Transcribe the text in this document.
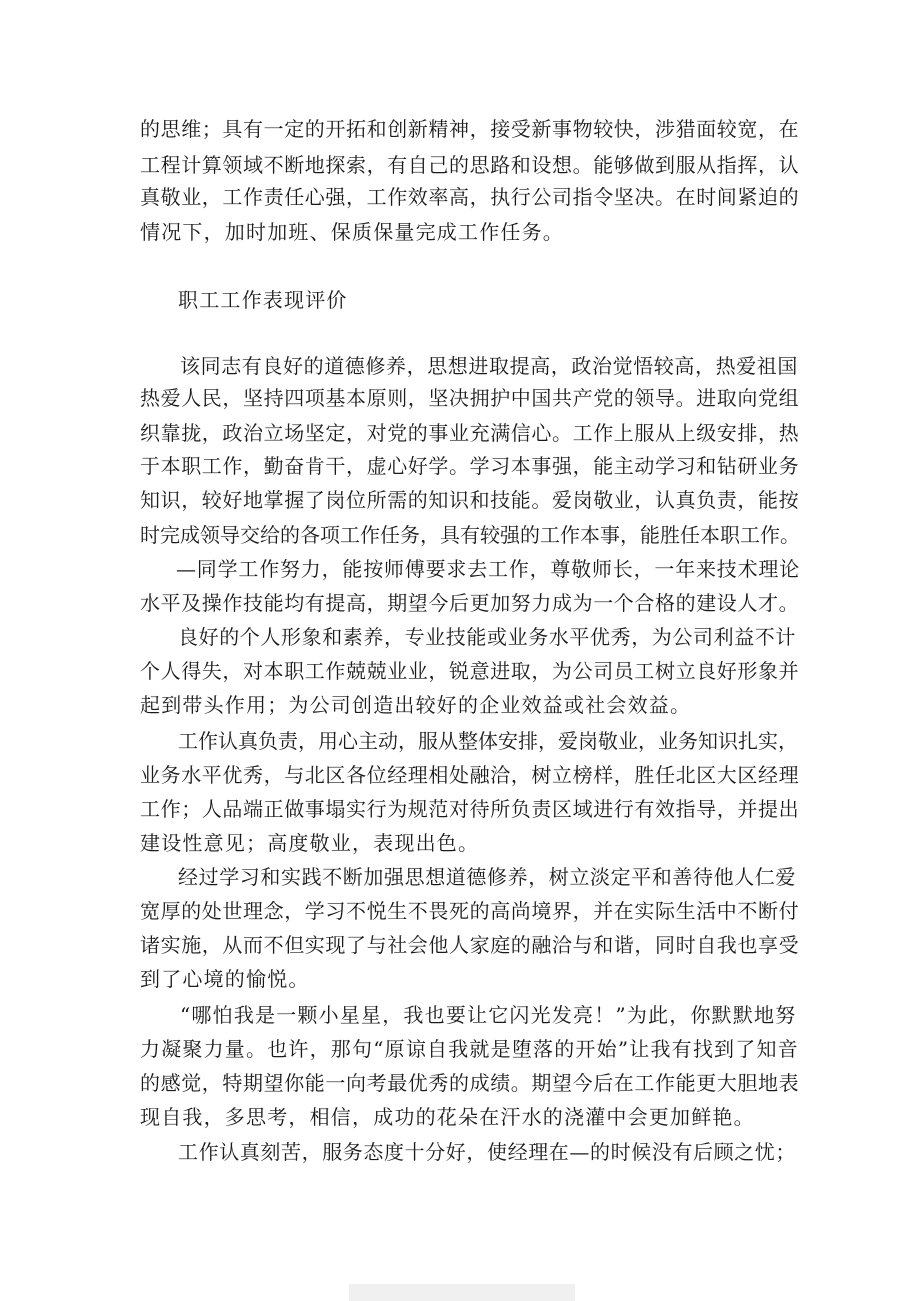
的思维；具有一定的开拓和创新精神，接受新事物较快，涉猎面较宽，在
工程计算领域不断地探索，有自己的思路和设想。能够做到服从指挥，认
真敬业，工作责任心强，工作效率高，执行公司指令坚决。在时间紧迫的
情况下，加时加班、保质保量完成工作任务。
职工工作表现评价
该同志有良好的道德修养，思想进取提高，政治觉悟较高，热爱祖国
热爱人民，坚持四项基本原则，坚决拥护中国共产党的领导。进取向党组
织靠拢，政治立场坚定，对党的事业充满信心。工作上服从上级安排，热
于本职工作，勤奋肯干，虚心好学。学习本事强，能主动学习和钻研业务
知识，较好地掌握了岗位所需的知识和技能。爱岗敬业，认真负责，能按
时完成领导交给的各项工作任务，具有较强的工作本事，能胜任本职工作。
—同学工作努力，能按师傅要求去工作，尊敬师长，一年来技术理论
水平及操作技能均有提高，期望今后更加努力成为一个合格的建设人才。
良好的个人形象和素养，专业技能或业务水平优秀，为公司利益不计
个人得失，对本职工作兢兢业业，锐意进取，为公司员工树立良好形象并
起到带头作用；为公司创造出较好的企业效益或社会效益。
工作认真负责，用心主动，服从整体安排，爱岗敬业，业务知识扎实，
业务水平优秀，与北区各位经理相处融洽，树立榜样，胜任北区大区经理
工作；人品端正做事塌实行为规范对待所负责区域进行有效指导，并提出
建设性意见；高度敬业，表现出色。
经过学习和实践不断加强思想道德修养，树立淡定平和善待他人仁爱
宽厚的处世理念，学习不悦生不畏死的高尚境界，并在实际生活中不断付
诸实施，从而不但实现了与社会他人家庭的融洽与和谐，同时自我也享受
到了心境的愉悦。
“哪怕我是一颗小星星，我也要让它闪光发亮！”为此，你默默地努
力凝聚力量。也许，那句“原谅自我就是堕落的开始”让我有找到了知音
的感觉，特期望你能一向考最优秀的成绩。期望今后在工作能更大胆地表
现自我，多思考，相信，成功的花朵在汗水的浇灌中会更加鲜艳。
工作认真刻苦，服务态度十分好，使经理在—的时候没有后顾之忧；
